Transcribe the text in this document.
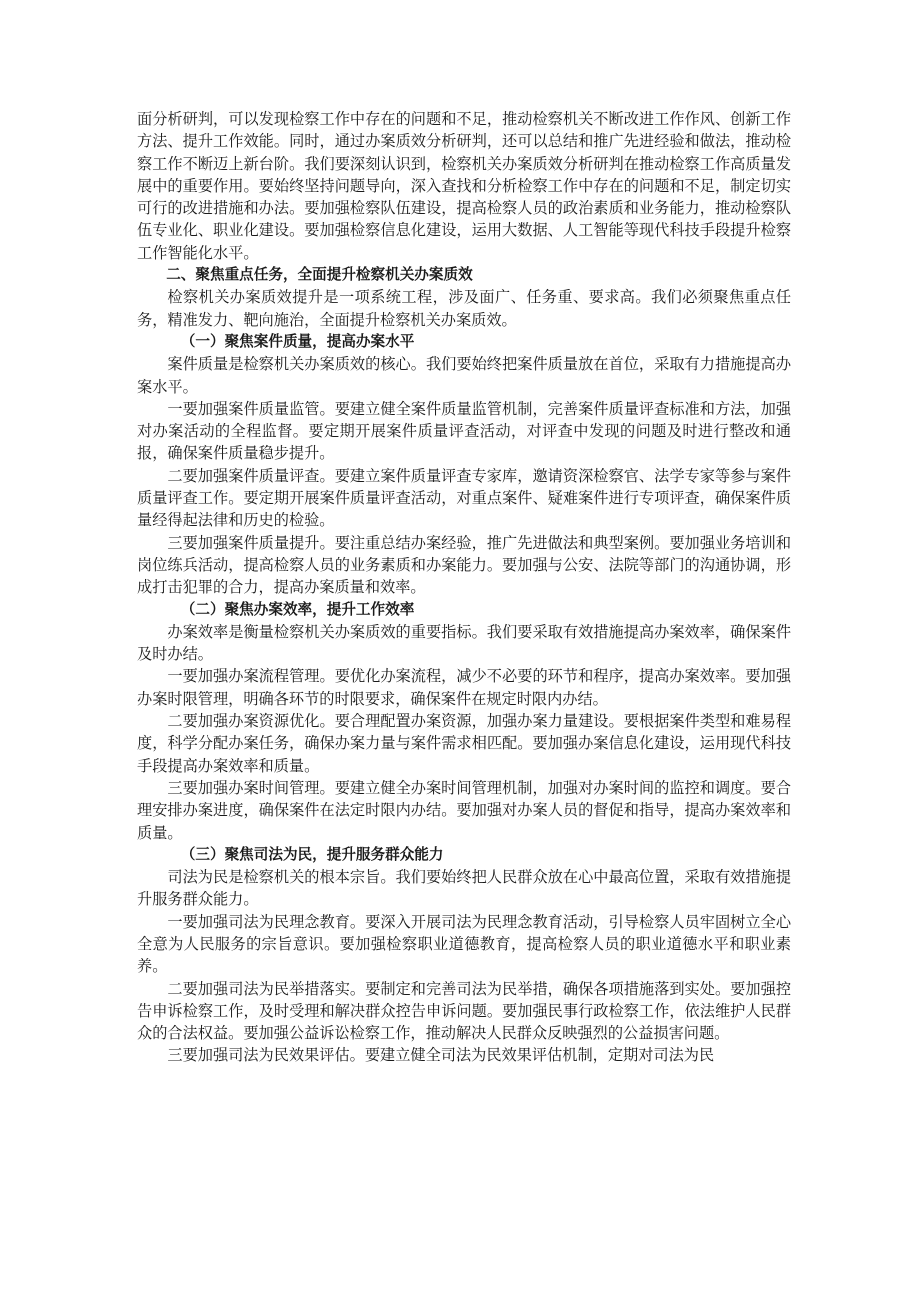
面分析研判，可以发现检察工作中存在的问题和不足，推动检察机关不断改进工作作风、创新工作方法、提升工作效能。同时，通过办案质效分析研判，还可以总结和推广先进经验和做法，推动检察工作不断迈上新台阶。我们要深刻认识到，检察机关办案质效分析研判在推动检察工作高质量发展中的重要作用。要始终坚持问题导向，深入查找和分析检察工作中存在的问题和不足，制定切实可行的改进措施和办法。要加强检察队伍建设，提高检察人员的政治素质和业务能力，推动检察队伍专业化、职业化建设。要加强检察信息化建设，运用大数据、人工智能等现代科技手段提升检察工作智能化水平。

二、聚焦重点任务，全面提升检察机关办案质效

检察机关办案质效提升是一项系统工程，涉及面广、任务重、要求高。我们必须聚焦重点任务，精准发力、靶向施治，全面提升检察机关办案质效。

（一）聚焦案件质量，提高办案水平

案件质量是检察机关办案质效的核心。我们要始终把案件质量放在首位，采取有力措施提高办案水平。

一要加强案件质量监管。要建立健全案件质量监管机制，完善案件质量评查标准和方法，加强对办案活动的全程监督。要定期开展案件质量评查活动，对评查中发现的问题及时进行整改和通报，确保案件质量稳步提升。

二要加强案件质量评查。要建立案件质量评查专家库，邀请资深检察官、法学专家等参与案件质量评查工作。要定期开展案件质量评查活动，对重点案件、疑难案件进行专项评查，确保案件质量经得起法律和历史的检验。

三要加强案件质量提升。要注重总结办案经验，推广先进做法和典型案例。要加强业务培训和岗位练兵活动，提高检察人员的业务素质和办案能力。要加强与公安、法院等部门的沟通协调，形成打击犯罪的合力，提高办案质量和效率。

（二）聚焦办案效率，提升工作效率

办案效率是衡量检察机关办案质效的重要指标。我们要采取有效措施提高办案效率，确保案件及时办结。

一要加强办案流程管理。要优化办案流程，减少不必要的环节和程序，提高办案效率。要加强办案时限管理，明确各环节的时限要求，确保案件在规定时限内办结。

二要加强办案资源优化。要合理配置办案资源，加强办案力量建设。要根据案件类型和难易程度，科学分配办案任务，确保办案力量与案件需求相匹配。要加强办案信息化建设，运用现代科技手段提高办案效率和质量。

三要加强办案时间管理。要建立健全办案时间管理机制，加强对办案时间的监控和调度。要合理安排办案进度，确保案件在法定时限内办结。要加强对办案人员的督促和指导，提高办案效率和质量。

（三）聚焦司法为民，提升服务群众能力

司法为民是检察机关的根本宗旨。我们要始终把人民群众放在心中最高位置，采取有效措施提升服务群众能力。

一要加强司法为民理念教育。要深入开展司法为民理念教育活动，引导检察人员牢固树立全心全意为人民服务的宗旨意识。要加强检察职业道德教育，提高检察人员的职业道德水平和职业素养。

二要加强司法为民举措落实。要制定和完善司法为民举措，确保各项措施落到实处。要加强控告申诉检察工作，及时受理和解决群众控告申诉问题。要加强民事行政检察工作，依法维护人民群众的合法权益。要加强公益诉讼检察工作，推动解决人民群众反映强烈的公益损害问题。

三要加强司法为民效果评估。要建立健全司法为民效果评估机制，定期对司法为民
